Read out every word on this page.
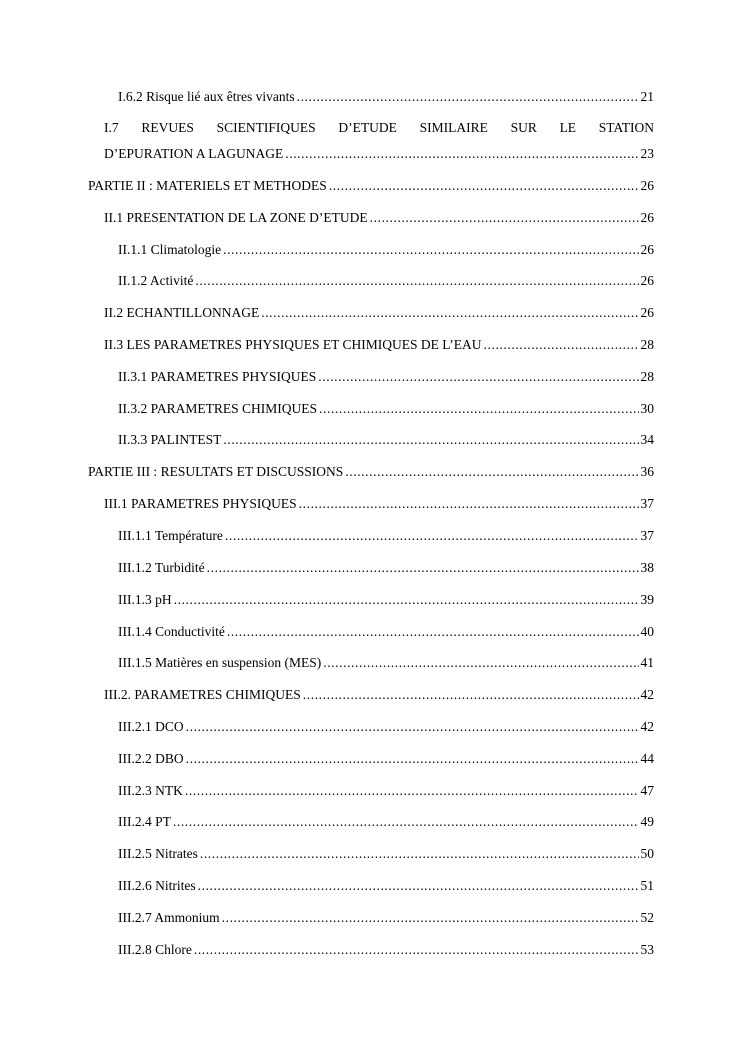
I.6.2 Risque lié aux êtres vivants .....	21
I.7 REVUES SCIENTIFIQUES D’ETUDE SIMILAIRE SUR LE STATION
D’EPURATION A LAGUNAGE .....	23
PARTIE II : MATERIELS ET METHODES .....	26
II.1 PRESENTATION DE LA ZONE D’ETUDE .....	26
II.1.1 Climatologie .....	26
II.1.2 Activité .....	26
II.2 ECHANTILLONNAGE .....	26
II.3 LES PARAMETRES PHYSIQUES ET CHIMIQUES DE L’EAU .....	28
II.3.1 PARAMETRES PHYSIQUES .....	28
II.3.2 PARAMETRES CHIMIQUES .....	30
II.3.3 PALINTEST .....	34
PARTIE III : RESULTATS ET DISCUSSIONS .....	36
III.1 PARAMETRES PHYSIQUES .....	37
III.1.1 Température .....	37
III.1.2 Turbidité .....	38
III.1.3 pH .....	39
III.1.4 Conductivité .....	40
III.1.5 Matières en suspension (MES) .....	41
III.2. PARAMETRES CHIMIQUES .....	42
III.2.1 DCO .....	42
III.2.2 DBO .....	44
III.2.3 NTK .....	47
III.2.4 PT .....	49
III.2.5 Nitrates .....	50
III.2.6 Nitrites .....	51
III.2.7 Ammonium .....	52
III.2.8 Chlore .....	53
